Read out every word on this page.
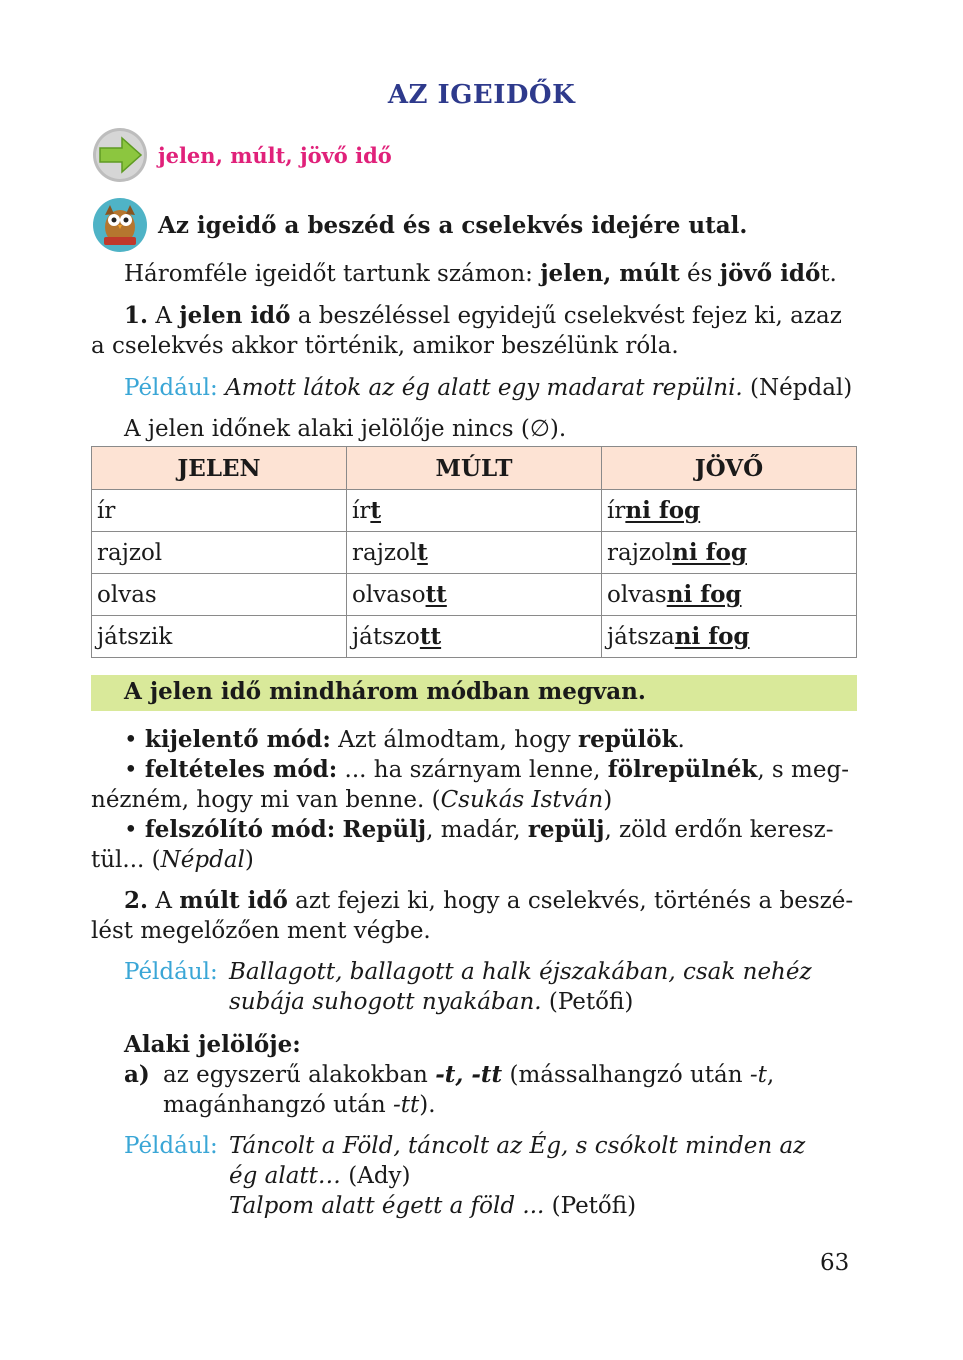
AZ IGEIDŐK
jelen, múlt, jövő idő
Az igeidő a beszéd és a cselekvés idejére utal.
Háromféle igeidőt tartunk számon: jelen, múlt és jövő időt.
1. A jelen idő a beszéléssel egyidejű cselekvést fejez ki, azaz
a cselekvés akkor történik, amikor beszélünk róla.
Például: Amott látok az ég alatt egy madarat repülni. (Népdal)
A jelen időnek alaki jelölője nincs (∅).
JELEN	MÚLT	JÖVŐ
ír	írt	írni fog
rajzol	rajzolt	rajzolni fog
olvas	olvasott	olvasni fog
játszik	játszott	játszani fog
A jelen idő mindhárom módban megvan.
• kijelentő mód: Azt álmodtam, hogy repülök.
• feltételes mód: ... ha szárnyam lenne, fölrepülnék, s meg-
nézném, hogy mi van benne. (Csukás István)
• felszólító mód: Repülj, madár, repülj, zöld erdőn keresz-
tül... (Népdal)
2. A múlt idő azt fejezi ki, hogy a cselekvés, történés a beszé-
lést megelőzően ment végbe.
Például: Ballagott, ballagott a halk éjszakában, csak nehéz
subája suhogott nyakában. (Petőfi)
Alaki jelölője:
a) az egyszerű alakokban -t, -tt (mássalhangzó után -t,
magánhangzó után -tt).
Például: Táncolt a Föld, táncolt az Ég, s csókolt minden az
ég alatt… (Ady)
Talpom alatt égett a föld ... (Petőfi)
63
